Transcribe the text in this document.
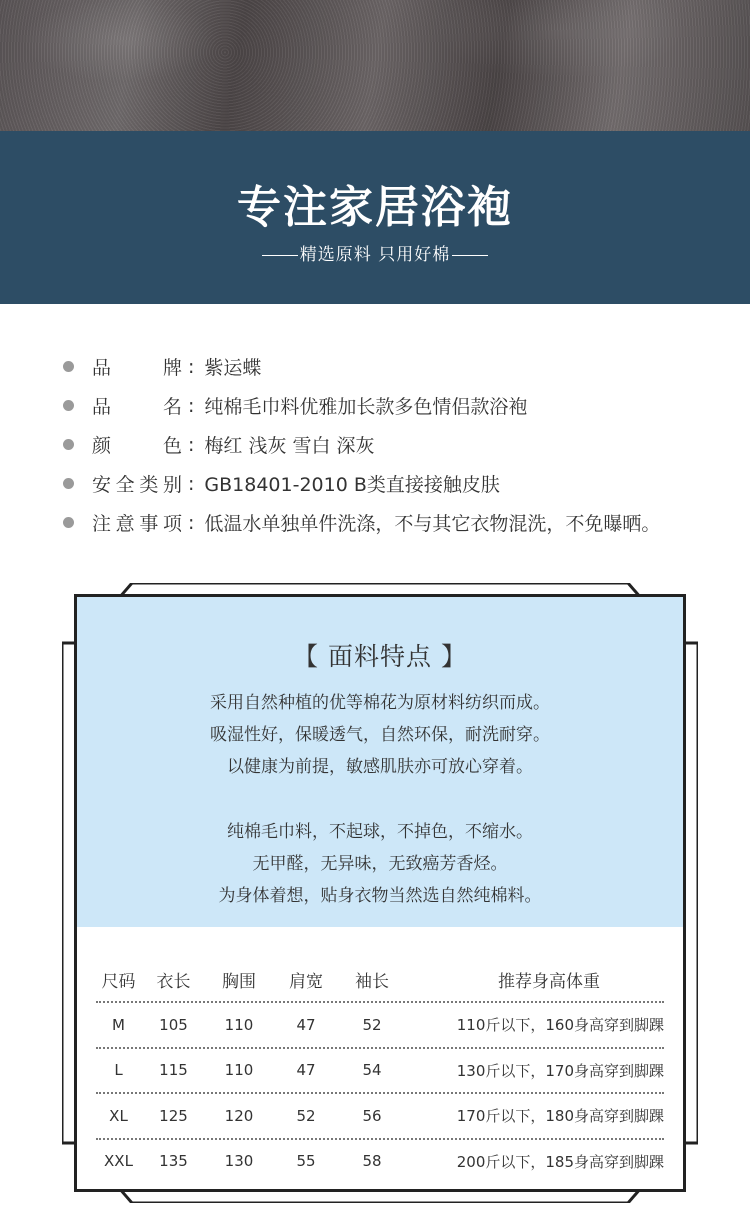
专注家居浴袍
精选原料 只用好棉
品　　牌 : 紫运蝶
品　　名 : 纯棉毛巾料优雅加长款多色情侣款浴袍
颜　　色 : 梅红 浅灰 雪白 深灰
安全类别 : GB18401-2010 B类直接接触皮肤
注意事项 : 低温水单独单件洗涤，不与其它衣物混洗，不免曝晒。
【 面料特点 】
采用自然种植的优等棉花为原材料纺织而成。
吸湿性好，保暖透气，自然环保，耐洗耐穿。
以健康为前提，敏感肌肤亦可放心穿着。
纯棉毛巾料，不起球，不掉色，不缩水。
无甲醛，无异味，无致癌芳香烃。
为身体着想，贴身衣物当然选自然纯棉料。
尺码	衣长	胸围	肩宽	袖长	推荐身高体重
M	105	110	47	52	110斤以下，160身高穿到脚踝
L	115	110	47	54	130斤以下，170身高穿到脚踝
XL	125	120	52	56	170斤以下，180身高穿到脚踝
XXL	135	130	55	58	200斤以下，185身高穿到脚踝
